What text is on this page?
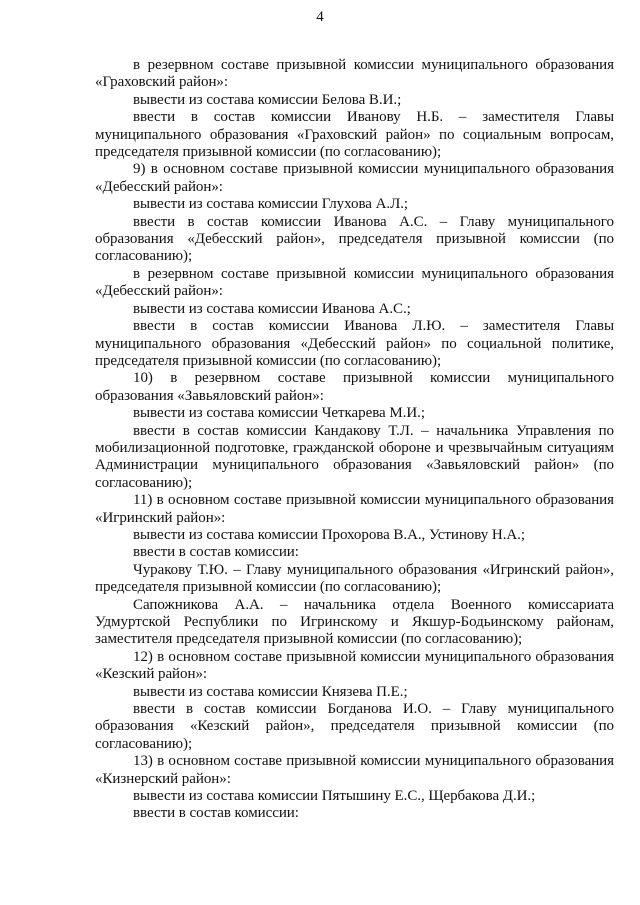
4

в резервном составе призывной комиссии муниципального образования «Граховский район»:

вывести из состава комиссии Белова В.И.;

ввести в состав комиссии Иванову Н.Б. – заместителя Главы муниципального образования «Граховский район» по социальным вопросам, председателя призывной комиссии (по согласованию);

9) в основном составе призывной комиссии муниципального образования «Дебесский район»:

вывести из состава комиссии Глухова А.Л.;

ввести в состав комиссии Иванова А.С. – Главу муниципального образования «Дебесский район», председателя призывной комиссии (по согласованию);

в резервном составе призывной комиссии муниципального образования «Дебесский район»:

вывести из состава комиссии Иванова А.С.;

ввести в состав комиссии Иванова Л.Ю. – заместителя Главы муниципального образования «Дебесский район» по социальной политике, председателя призывной комиссии (по согласованию);

10) в резервном составе призывной комиссии муниципального образования «Завьяловский район»:

вывести из состава комиссии Четкарева М.И.;

ввести в состав комиссии Кандакову Т.Л. – начальника Управления по мобилизационной подготовке, гражданской обороне и чрезвычайным ситуациям Администрации муниципального образования «Завьяловский район» (по согласованию);

11) в основном составе призывной комиссии муниципального образования «Игринский район»:

вывести из состава комиссии Прохорова В.А., Устинову Н.А.;

ввести в состав комиссии:

Чуракову Т.Ю. – Главу муниципального образования «Игринский район», председателя призывной комиссии (по согласованию);

Сапожникова А.А. – начальника отдела Военного комиссариата Удмуртской Республики по Игринскому и Якшур-Бодьинскому районам, заместителя председателя призывной комиссии (по согласованию);

12) в основном составе призывной комиссии муниципального образования «Кезский район»:

вывести из состава комиссии Князева П.Е.;

ввести в состав комиссии Богданова И.О. – Главу муниципального образования «Кезский район», председателя призывной комиссии (по согласованию);

13) в основном составе призывной комиссии муниципального образования «Кизнерский район»:

вывести из состава комиссии Пятышину Е.С., Щербакова Д.И.;

ввести в состав комиссии:
